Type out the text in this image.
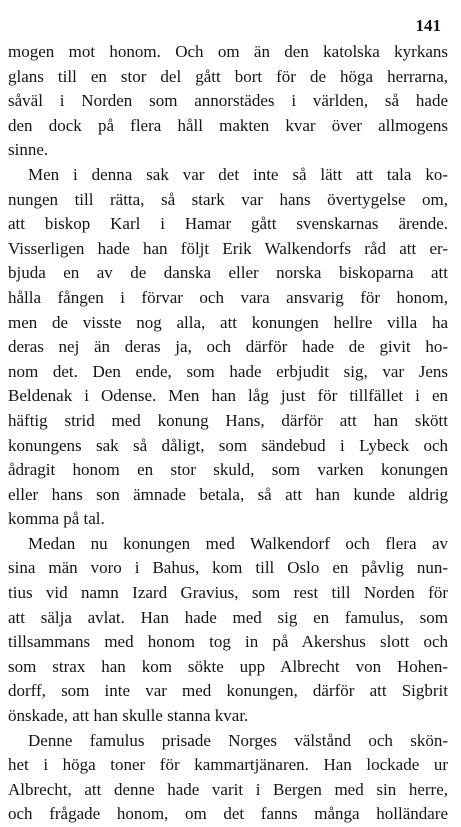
141
mogen mot honom. Och om än den katolska kyrkans
glans till en stor del gått bort för de höga herrarna,
såväl i Norden som annorstädes i världen, så hade
den dock på flera håll makten kvar över allmogens
sinne.
Men i denna sak var det inte så lätt att tala ko-
nungen till rätta, så stark var hans övertygelse om,
att biskop Karl i Hamar gått svenskarnas ärende.
Visserligen hade han följt Erik Walkendorfs råd att er-
bjuda en av de danska eller norska biskoparna att
hålla fången i förvar och vara ansvarig för honom,
men de visste nog alla, att konungen hellre villa ha
deras nej än deras ja, och därför hade de givit ho-
nom det. Den ende, som hade erbjudit sig, var Jens
Beldenak i Odense. Men han låg just för tillfället i en
häftig strid med konung Hans, därför att han skött
konungens sak så dåligt, som sändebud i Lybeck och
ådragit honom en stor skuld, som varken konungen
eller hans son ämnade betala, så att han kunde aldrig
komma på tal.
Medan nu konungen med Walkendorf och flera av
sina män voro i Bahus, kom till Oslo en påvlig nun-
tius vid namn Izard Gravius, som rest till Norden för
att sälja avlat. Han hade med sig en famulus, som
tillsammans med honom tog in på Akershus slott och
som strax han kom sökte upp Albrecht von Hohen-
dorff, som inte var med konungen, därför att Sigbrit
önskade, att han skulle stanna kvar.
Denne famulus prisade Norges välstånd och skön-
het i höga toner för kammartjänaren. Han lockade ur
Albrecht, att denne hade varit i Bergen med sin herre,
och frågade honom, om det fanns många holländare
